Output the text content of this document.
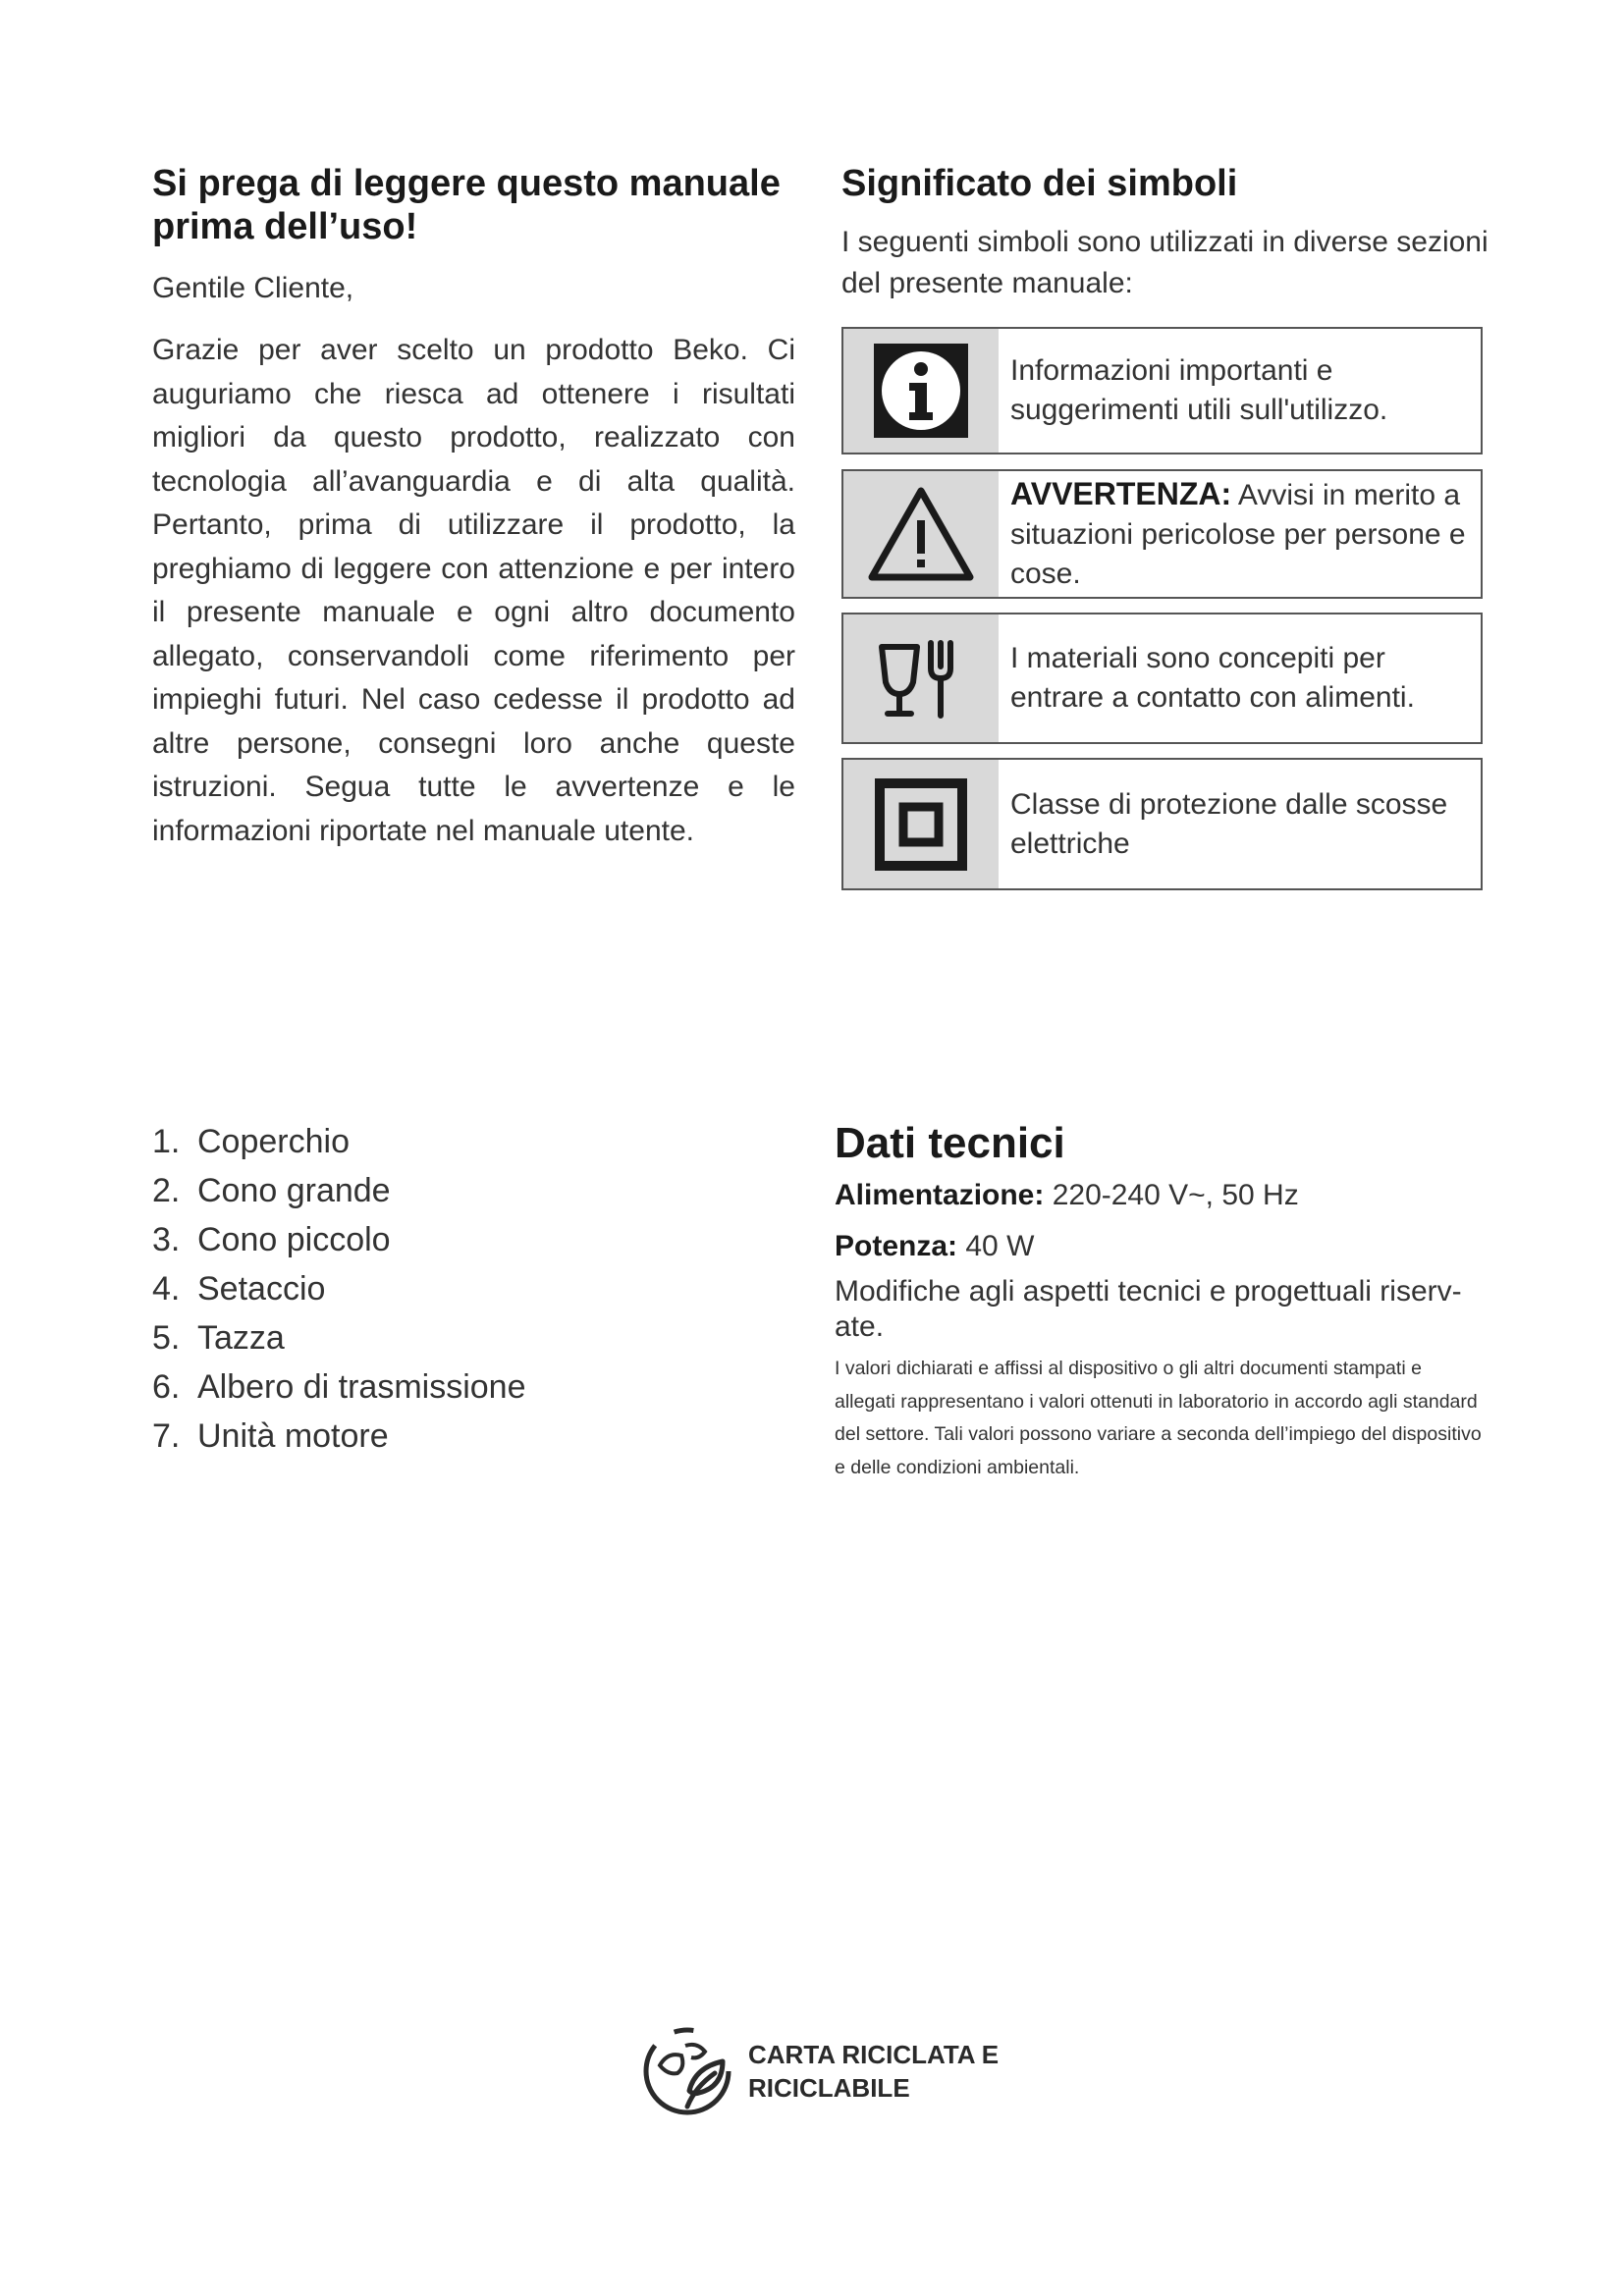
Si prega di leggere questo manuale prima dell’uso!
Gentile Cliente,
Grazie per aver scelto un prodotto Beko. Ci auguriamo che riesca ad ottenere i risultati migliori da questo prodotto, realizzato con tecnologia all’avanguardia e di alta qualità. Pertanto, prima di utilizzare il prodotto, la preghiamo di leggere con attenzione e per intero il presente manuale e ogni altro documento allegato, conservandoli come riferimento per impieghi futuri. Nel caso cedesse il prodotto ad altre persone, consegni loro anche queste istruzioni. Segua tutte le avvertenze e le informazioni riportate nel manuale utente.
Significato dei simboli
I seguenti simboli sono utilizzati in diverse sezioni del presente manuale:
Informazioni importanti e suggerimenti utili sull'utilizzo.
AVVERTENZA: Avvisi in merito a situazioni pericolose per persone e cose.
I materiali sono concepiti per entrare a contatto con alimenti.
Classe di protezione dalle scosse elettriche
1. Coperchio
2. Cono grande
3. Cono piccolo
4. Setaccio
5. Tazza
6. Albero di trasmissione
7. Unità motore
Dati tecnici
Alimentazione: 220-240 V~, 50 Hz
Potenza: 40 W
Modifiche agli aspetti tecnici e progettuali riserv-ate.
I valori dichiarati e affissi al dispositivo o gli altri documenti stampati e allegati rappresentano i valori ottenuti in laboratorio in accordo agli standard del settore. Tali valori possono variare a seconda dell’impiego del dispositivo e delle condizioni ambientali.
CARTA RICICLATA E
RICICLABILE
